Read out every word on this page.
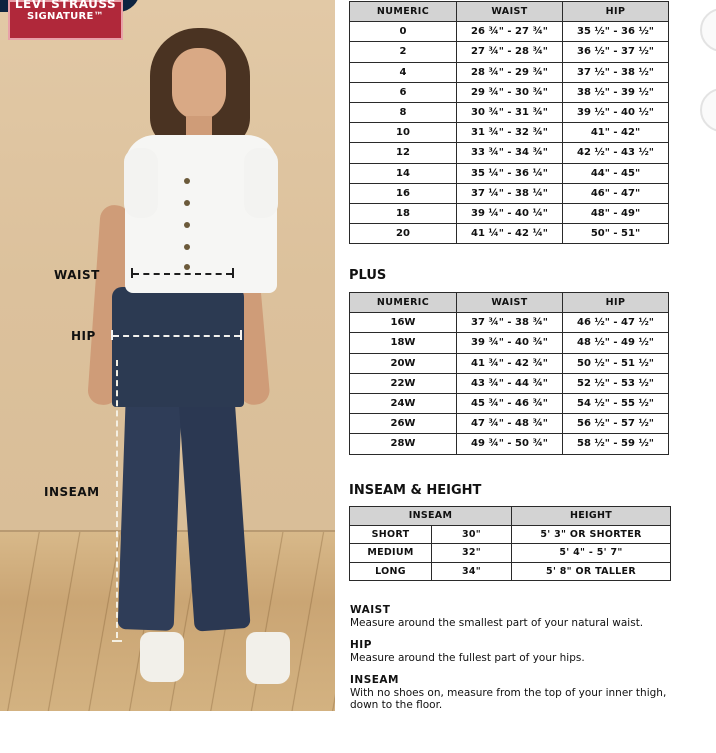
WAIST
HIP
INSEAM
LEVI STRAUSS
SIGNATURE™	NUMERIC	WAIST	HIP
0	26 ¾" - 27 ¾"	35 ½" - 36 ½"
2	27 ¾" - 28 ¾"	36 ½" - 37 ½"
4	28 ¾" - 29 ¾"	37 ½" - 38 ½"
6	29 ¾" - 30 ¾"	38 ½" - 39 ½"
8	30 ¾" - 31 ¾"	39 ½" - 40 ½"
10	31 ¾" - 32 ¾"	41" - 42"
12	33 ¾" - 34 ¾"	42 ½" - 43 ½"
14	35 ¼" - 36 ¼"	44" - 45"
16	37 ¼" - 38 ¼"	46" - 47"
18	39 ¼" - 40 ¼"	48" - 49"
20	41 ¼" - 42 ¼"	50" - 51"
PLUS
NUMERIC	WAIST	HIP
16W	37 ¾" - 38 ¾"	46 ½" - 47 ½"
18W	39 ¾" - 40 ¾"	48 ½" - 49 ½"
20W	41 ¾" - 42 ¾"	50 ½" - 51 ½"
22W	43 ¾" - 44 ¾"	52 ½" - 53 ½"
24W	45 ¾" - 46 ¾"	54 ½" - 55 ½"
26W	47 ¾" - 48 ¾"	56 ½" - 57 ½"
28W	49 ¾" - 50 ¾"	58 ½" - 59 ½"
INSEAM & HEIGHT
INSEAM		HEIGHT
SHORT	30"	5' 3" OR SHORTER
MEDIUM	32"	5' 4" - 5' 7"
LONG	34"	5' 8" OR TALLER
WAIST
Measure around the smallest part of your natural waist.
HIP
Measure around the fullest part of your hips.
INSEAM
With no shoes on, measure from the top of your inner thigh, down to the floor.
